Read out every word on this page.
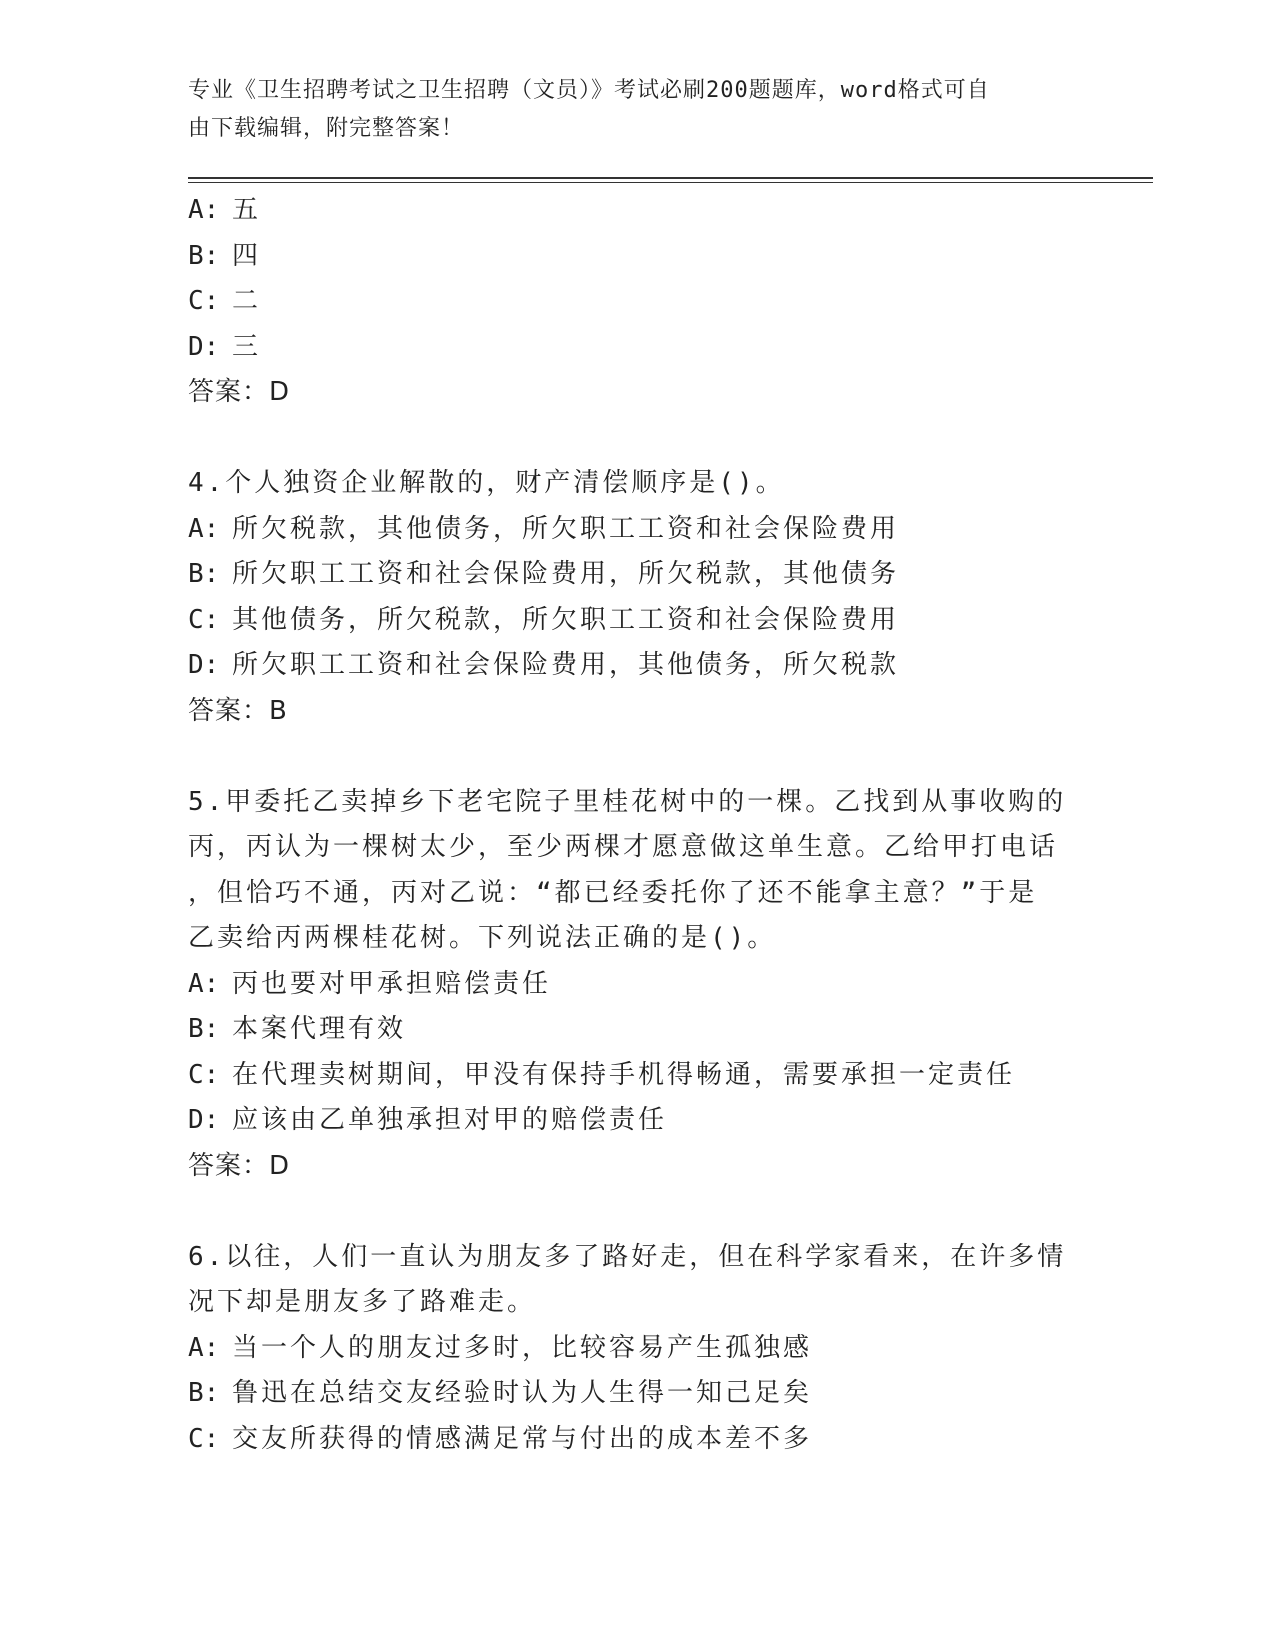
专业《卫生招聘考试之卫生招聘（文员）》考试必刷200题题库，word格式可自
由下载编辑，附完整答案！
A: 五
B: 四
C: 二
D: 三
答案：D
4.个人独资企业解散的，财产清偿顺序是()。
A: 所欠税款，其他债务，所欠职工工资和社会保险费用
B: 所欠职工工资和社会保险费用，所欠税款，其他债务
C: 其他债务，所欠税款，所欠职工工资和社会保险费用
D: 所欠职工工资和社会保险费用，其他债务，所欠税款
答案：B
5.甲委托乙卖掉乡下老宅院子里桂花树中的一棵。乙找到从事收购的
丙，丙认为一棵树太少，至少两棵才愿意做这单生意。乙给甲打电话
，但恰巧不通，丙对乙说：“都已经委托你了还不能拿主意？”于是
乙卖给丙两棵桂花树。下列说法正确的是()。
A: 丙也要对甲承担赔偿责任
B: 本案代理有效
C: 在代理卖树期间，甲没有保持手机得畅通，需要承担一定责任
D: 应该由乙单独承担对甲的赔偿责任
答案：D
6.以往，人们一直认为朋友多了路好走，但在科学家看来，在许多情
况下却是朋友多了路难走。
A: 当一个人的朋友过多时，比较容易产生孤独感
B: 鲁迅在总结交友经验时认为人生得一知己足矣
C: 交友所获得的情感满足常与付出的成本差不多
